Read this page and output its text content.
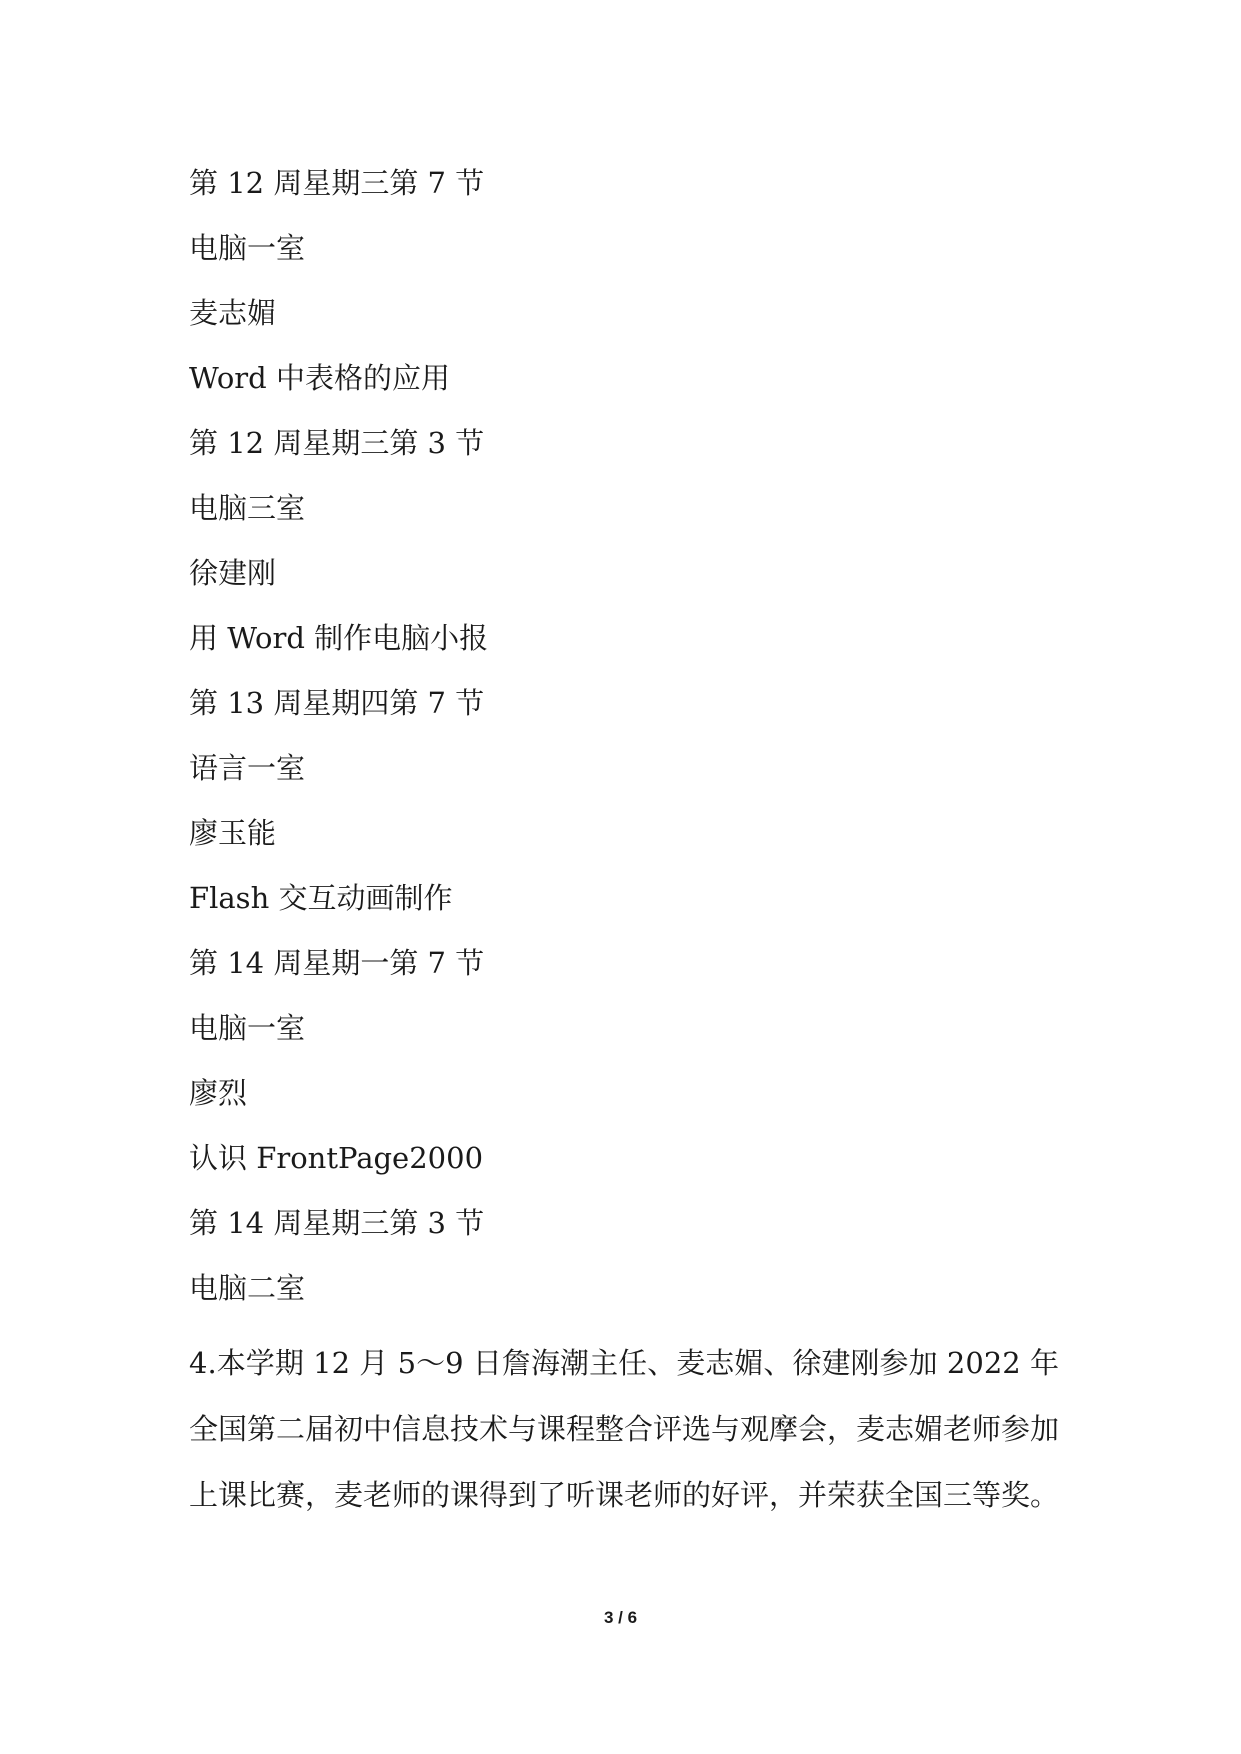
第 12 周星期三第 7 节
电脑一室
麦志媚
Word 中表格的应用
第 12 周星期三第 3 节
电脑三室
徐建刚
用 Word 制作电脑小报
第 13 周星期四第 7 节
语言一室
廖玉能
Flash 交互动画制作
第 14 周星期一第 7 节
电脑一室
廖烈
认识 FrontPage2000
第 14 周星期三第 3 节
电脑二室
4.本学期 12 月 5～9 日詹海潮主任、麦志媚、徐建刚参加 2022 年全国第二届初中信息技术与课程整合评选与观摩会，麦志媚老师参加上课比赛，麦老师的课得到了听课老师的好评，并荣获全国三等奖。
3 / 6
